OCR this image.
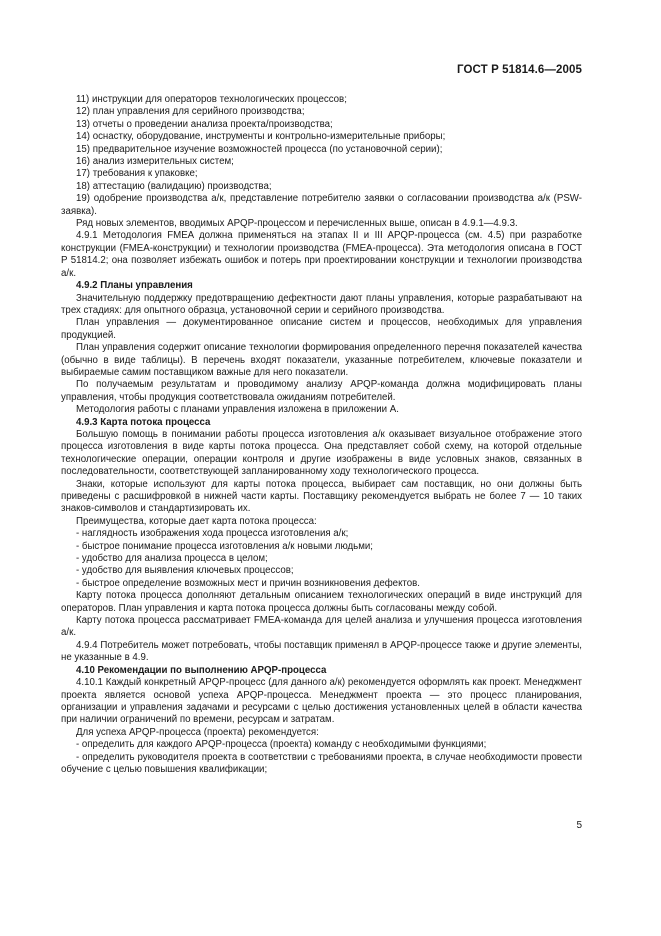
ГОСТ Р 51814.6—2005

11) инструкции для операторов технологических процессов;

12) план управления для серийного производства;

13) отчеты о проведении анализа проекта/производства;

14) оснастку, оборудование, инструменты и контрольно-измерительные приборы;

15) предварительное изучение возможностей процесса (по установочной серии);

16) анализ измерительных систем;

17) требования к упаковке;

18) аттестацию (валидацию) производства;

19) одобрение производства а/к, представление потребителю заявки о согласовании производства а/к (PSW-заявка).

Ряд новых элементов, вводимых APQP-процессом и перечисленных выше, описан в 4.9.1—4.9.3.

4.9.1 Методология FMEA должна применяться на этапах II и III APQP-процесса (см. 4.5) при разработке конструкции (FMEA-конструкции) и технологии производства (FMEA-процесса). Эта методология описана в ГОСТ Р 51814.2; она позволяет избежать ошибок и потерь при проектировании конструкции и технологии производства а/к.

4.9.2 Планы управления

Значительную поддержку предотвращению дефектности дают планы управления, которые разрабатывают на трех стадиях: для опытного образца, установочной серии и серийного производства.

План управления — документированное описание систем и процессов, необходимых для управления продукцией.

План управления содержит описание технологии формирования определенного перечня показателей качества (обычно в виде таблицы). В перечень входят показатели, указанные потребителем, ключевые показатели и выбираемые самим поставщиком важные для него показатели.

По получаемым результатам и проводимому анализу APQP-команда должна модифицировать планы управления, чтобы продукция соответствовала ожиданиям потребителей.

Методология работы с планами управления изложена в приложении А.

4.9.3 Карта потока процесса

Большую помощь в понимании работы процесса изготовления а/к оказывает визуальное отображение этого процесса изготовления в виде карты потока процесса. Она представляет собой схему, на которой отдельные технологические операции, операции контроля и другие изображены в виде условных знаков, связанных в последовательности, соответствующей запланированному ходу технологического процесса.

Знаки, которые используют для карты потока процесса, выбирает сам поставщик, но они должны быть приведены с расшифровкой в нижней части карты. Поставщику рекомендуется выбрать не более 7 — 10 таких знаков-символов и стандартизировать их.

Преимущества, которые дает карта потока процесса:

- наглядность изображения хода процесса изготовления а/к;

- быстрое понимание процесса изготовления а/к новыми людьми;

- удобство для анализа процесса в целом;

- удобство для выявления ключевых процессов;

- быстрое определение возможных мест и причин возникновения дефектов.

Карту потока процесса дополняют детальным описанием технологических операций в виде инструкций для операторов. План управления и карта потока процесса должны быть согласованы между собой.

Карту потока процесса рассматривает FMEA-команда для целей анализа и улучшения процесса изготовления а/к.

4.9.4 Потребитель может потребовать, чтобы поставщик применял в APQP-процессе также и другие элементы, не указанные в 4.9.

4.10 Рекомендации по выполнению APQP-процесса

4.10.1 Каждый конкретный APQP-процесс (для данного а/к) рекомендуется оформлять как проект. Менеджмент проекта является основой успеха APQP-процесса. Менеджмент проекта — это процесс планирования, организации и управления задачами и ресурсами с целью достижения установленных целей в области качества при наличии ограничений по времени, ресурсам и затратам.

Для успеха APQP-процесса (проекта) рекомендуется:

- определить для каждого APQP-процесса (проекта) команду с необходимыми функциями;

- определить руководителя проекта в соответствии с требованиями проекта, в случае необходимости провести обучение с целью повышения квалификации;

5
